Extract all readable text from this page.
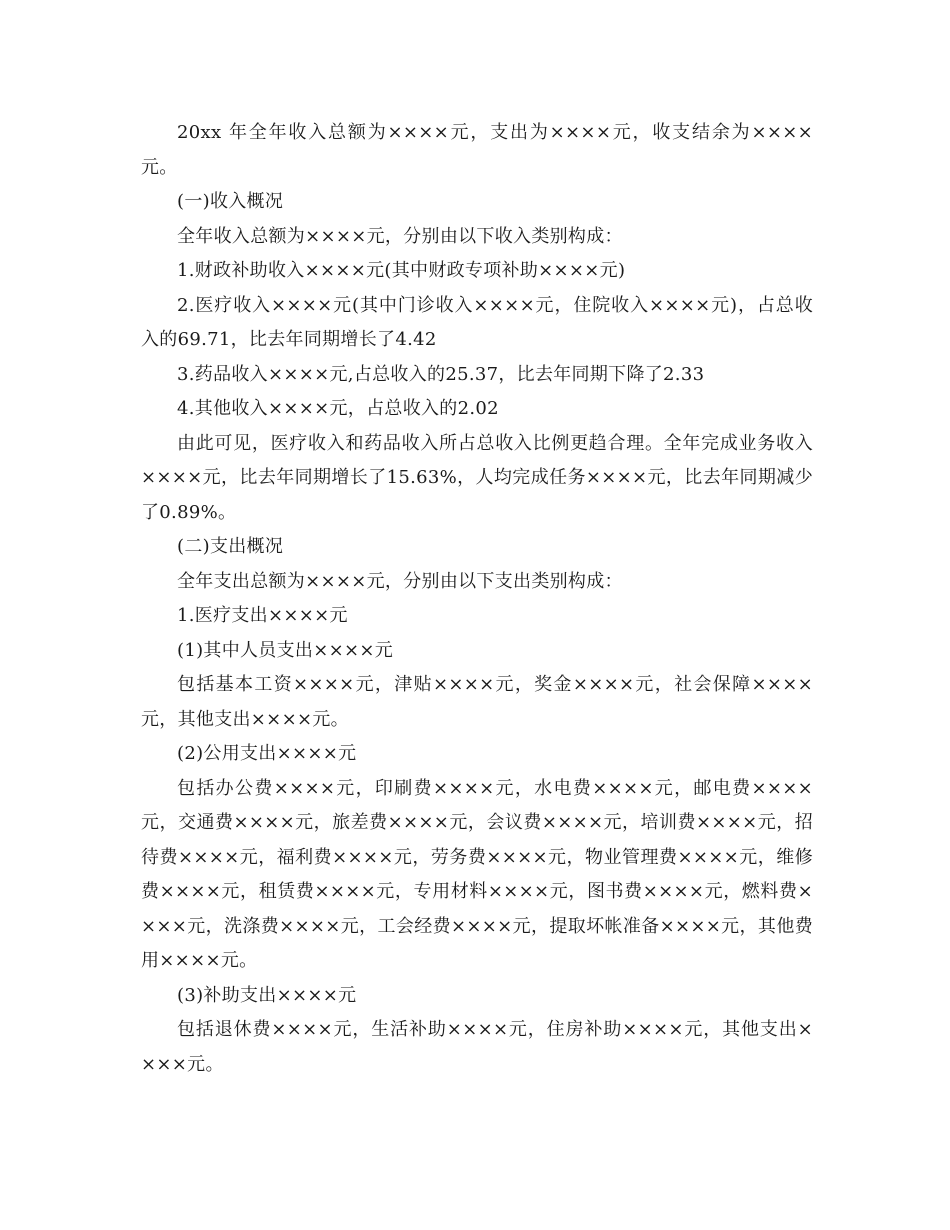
20xx 年全年收入总额为××××元，支出为××××元，收支结余为××××元。

(一)收入概况

全年收入总额为××××元，分别由以下收入类别构成：

1.财政补助收入××××元(其中财政专项补助××××元)

2.医疗收入××××元(其中门诊收入××××元，住院收入××××元)，占总收入的69.71，比去年同期增长了4.42

3.药品收入××××元,占总收入的25.37，比去年同期下降了2.33

4.其他收入××××元，占总收入的2.02

由此可见，医疗收入和药品收入所占总收入比例更趋合理。全年完成业务收入××××元，比去年同期增长了15.63%，人均完成任务××××元，比去年同期减少了0.89%。

(二)支出概况

全年支出总额为××××元，分别由以下支出类别构成：

1.医疗支出××××元

(1)其中人员支出××××元

包括基本工资××××元，津贴××××元，奖金××××元，社会保障××××元，其他支出××××元。

(2)公用支出××××元

包括办公费××××元，印刷费××××元，水电费××××元，邮电费××××元，交通费××××元，旅差费××××元，会议费××××元，培训费××××元，招待费××××元，福利费××××元，劳务费××××元，物业管理费××××元，维修费××××元，租赁费××××元，专用材料××××元，图书费××××元，燃料费××××元，洗涤费××××元，工会经费××××元，提取坏帐准备××××元，其他费用××××元。

(3)补助支出××××元

包括退休费××××元，生活补助××××元，住房补助××××元，其他支出××××元。
